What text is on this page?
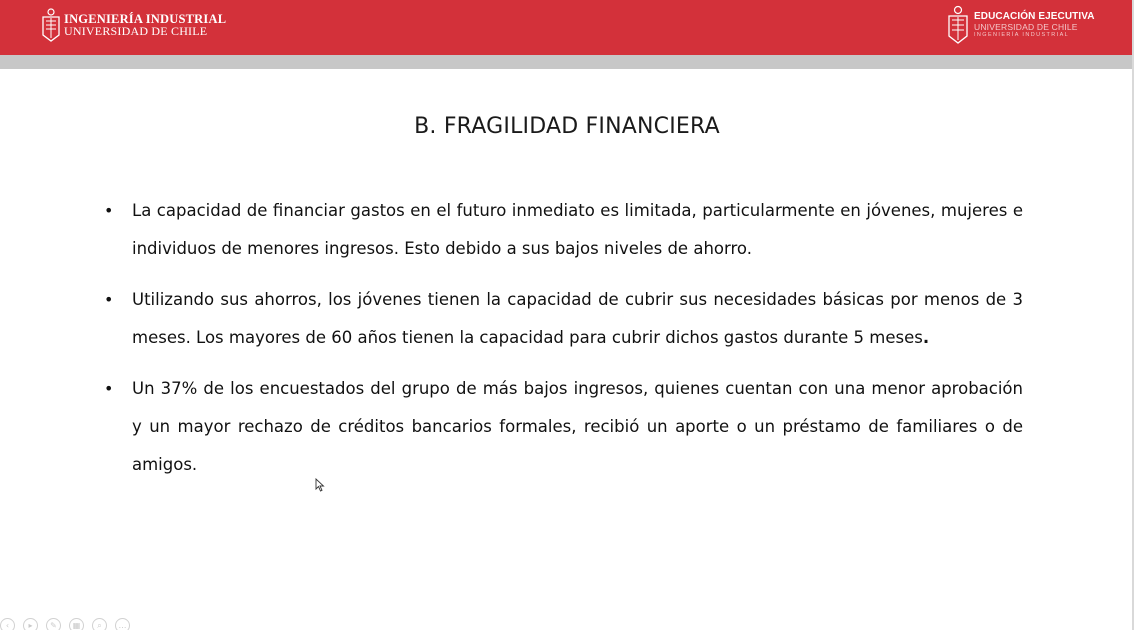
INGENIERÍA INDUSTRIAL
UNIVERSIDAD DE CHILE
EDUCACIÓN EJECUTIVA
UNIVERSIDAD DE CHILE
INGENIERÍA INDUSTRIAL
B. FRAGILIDAD FINANCIERA
• La capacidad de financiar gastos en el futuro inmediato es limitada, particularmente en jóvenes, mujeres e individuos de menores ingresos. Esto debido a sus bajos niveles de ahorro.
• Utilizando sus ahorros, los jóvenes tienen la capacidad de cubrir sus necesidades básicas por menos de 3 meses. Los mayores de 60 años tienen la capacidad para cubrir dichos gastos durante 5 meses.
• Un 37% de los encuestados del grupo de más bajos ingresos, quienes cuentan con una menor aprobación y un mayor rechazo de créditos bancarios formales, recibió un aporte o un préstamo de familiares o de amigos.
‹	▸	✎	▦	⌕	…
